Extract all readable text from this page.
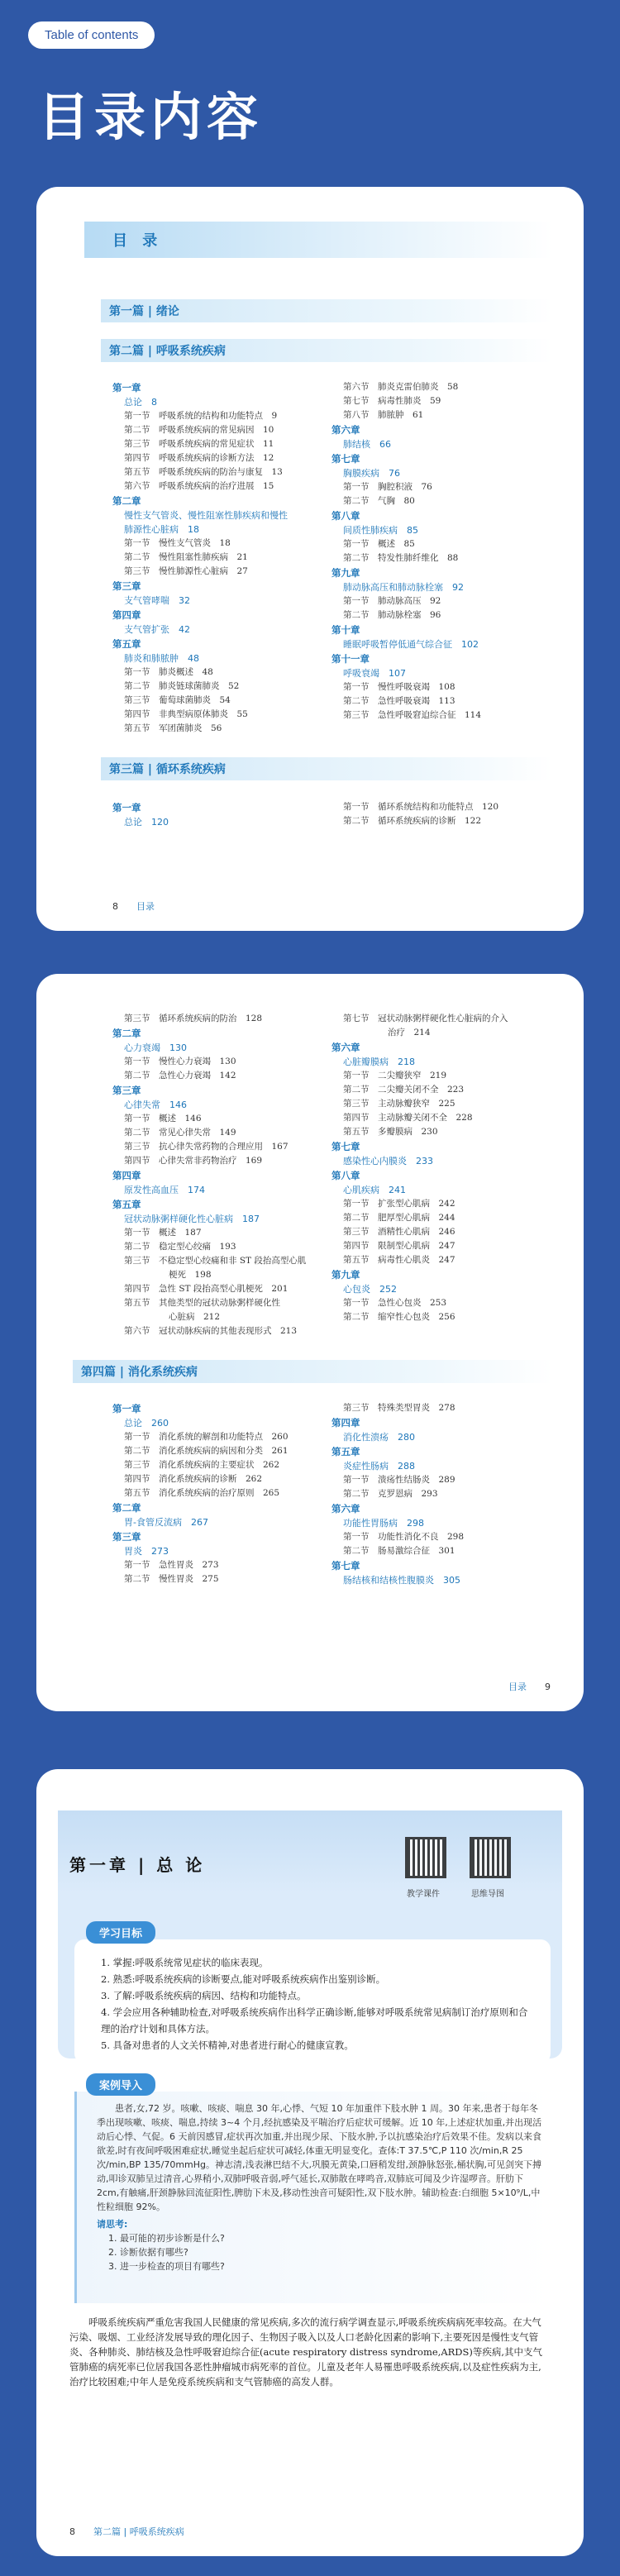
Table of contents
目录内容
目 录
第一篇 | 绪论
第二篇 | 呼吸系统疾病
第一章
总论　8
第一节　呼吸系统的结构和功能特点　9
第二节　呼吸系统疾病的常见病因　10
第三节　呼吸系统疾病的常见症状　11
第四节　呼吸系统疾病的诊断方法　12
第五节　呼吸系统疾病的防治与康复　13
第六节　呼吸系统疾病的治疗进展　15
第二章
慢性支气管炎、慢性阻塞性肺疾病和慢性
肺源性心脏病　18
第一节　慢性支气管炎　18
第二节　慢性阻塞性肺疾病　21
第三节　慢性肺源性心脏病　27
第三章
支气管哮喘　32
第四章
支气管扩张　42
第五章
肺炎和肺脓肿　48
第一节　肺炎概述　48
第二节　肺炎链球菌肺炎　52
第三节　葡萄球菌肺炎　54
第四节　非典型病原体肺炎　55
第五节　军团菌肺炎　56
第六节　肺炎克雷伯肺炎　58
第七节　病毒性肺炎　59
第八节　肺脓肿　61
第六章
肺结核　66
第七章
胸膜疾病　76
第一节　胸腔积液　76
第二节　气胸　80
第八章
间质性肺疾病　85
第一节　概述　85
第二节　特发性肺纤维化　88
第九章
肺动脉高压和肺动脉栓塞　92
第一节　肺动脉高压　92
第二节　肺动脉栓塞　96
第十章
睡眠呼吸暂停低通气综合征　102
第十一章
呼吸衰竭　107
第一节　慢性呼吸衰竭　108
第二节　急性呼吸衰竭　113
第三节　急性呼吸窘迫综合征　114
第三篇 | 循环系统疾病
第一章
总论　120
第一节　循环系统结构和功能特点　120
第二节　循环系统疾病的诊断　122
8 目录
第三节　循环系统疾病的防治　128
第二章
心力衰竭　130
第一节　慢性心力衰竭　130
第二节　急性心力衰竭　142
第三章
心律失常　146
第一节　概述　146
第二节　常见心律失常　149
第三节　抗心律失常药物的合理应用　167
第四节　心律失常非药物治疗　169
第四章
原发性高血压　174
第五章
冠状动脉粥样硬化性心脏病　187
第一节　概述　187
第二节　稳定型心绞痛　193
第三节　不稳定型心绞痛和非 ST 段抬高型心肌
梗死　198
第四节　急性 ST 段抬高型心肌梗死　201
第五节　其他类型的冠状动脉粥样硬化性
心脏病　212
第六节　冠状动脉疾病的其他表现形式　213
第七节　冠状动脉粥样硬化性心脏病的介入
治疗　214
第六章
心脏瓣膜病　218
第一节　二尖瓣狭窄　219
第二节　二尖瓣关闭不全　223
第三节　主动脉瓣狭窄　225
第四节　主动脉瓣关闭不全　228
第五节　多瓣膜病　230
第七章
感染性心内膜炎　233
第八章
心肌疾病　241
第一节　扩张型心肌病　242
第二节　肥厚型心肌病　244
第三节　酒精性心肌病　246
第四节　限制型心肌病　247
第五节　病毒性心肌炎　247
第九章
心包炎　252
第一节　急性心包炎　253
第二节　缩窄性心包炎　256
第四篇 | 消化系统疾病
第一章
总论　260
第一节　消化系统的解剖和功能特点　260
第二节　消化系统疾病的病因和分类　261
第三节　消化系统疾病的主要症状　262
第四节　消化系统疾病的诊断　262
第五节　消化系统疾病的治疗原则　265
第二章
胃-食管反流病　267
第三章
胃炎　273
第一节　急性胃炎　273
第二节　慢性胃炎　275
第三节　特殊类型胃炎　278
第四章
消化性溃疡　280
第五章
炎症性肠病　288
第一节　溃疡性结肠炎　289
第二节　克罗恩病　293
第六章
功能性胃肠病　298
第一节　功能性消化不良　298
第二节　肠易激综合征　301
第七章
肠结核和结核性腹膜炎　305
目录 9
第一章 | 总 论
教学课件	思维导图
1. 掌握:呼吸系统常见症状的临床表现。
2. 熟悉:呼吸系统疾病的诊断要点,能对呼吸系统疾病作出鉴别诊断。
3. 了解:呼吸系统疾病的病因、结构和功能特点。
4. 学会应用各种辅助检查,对呼吸系统疾病作出科学正确诊断,能够对呼吸系统常见病制订治疗原则和合理的治疗计划和具体方法。
5. 具备对患者的人文关怀精神,对患者进行耐心的健康宣教。
学习目标
患者,女,72 岁。咳嗽、咳痰、喘息 30 年,心悸、气短 10 年加重伴下肢水肿 1 周。30 年来,患者于每年冬季出现咳嗽、咳痰、喘息,持续 3~4 个月,经抗感染及平喘治疗后症状可缓解。近 10 年,上述症状加重,并出现活动后心悸、气促。6 天前因感冒,症状再次加重,并出现少尿、下肢水肿,予以抗感染治疗后效果不佳。发病以来食欲差,时有夜间呼吸困难症状,睡觉坐起后症状可减轻,体重无明显变化。查体:T 37.5℃,P 110 次/min,R 25 次/min,BP 135/70mmHg。神志清,浅表淋巴结不大,巩膜无黄染,口唇稍发绀,颈静脉怒张,桶状胸,可见剑突下搏动,叩诊双肺呈过清音,心界稍小,双肺呼吸音弱,呼气延长,双肺散在哮鸣音,双肺底可闻及少许湿啰音。肝肋下 2cm,有触痛,肝颈静脉回流征阳性,脾肋下未及,移动性浊音可疑阳性,双下肢水肿。辅助检查:白细胞 5×10⁹/L,中性粒细胞 92%。
请思考:
1. 最可能的初步诊断是什么?
2. 诊断依据有哪些?
3. 进一步检查的项目有哪些?
案例导入
呼吸系统疾病严重危害我国人民健康的常见疾病,多次的流行病学调查显示,呼吸系统疾病病死率较高。在大气污染、吸烟、工业经济发展导致的理化因子、生物因子吸入以及人口老龄化因素的影响下,主要死因是慢性支气管炎、各种肺炎、肺结核及急性呼吸窘迫综合征(acute respiratory distress syndrome,ARDS)等疾病,其中支气管肺癌的病死率已位居我国各恶性肿瘤城市病死率的首位。儿童及老年人易罹患呼吸系统疾病,以及症性疾病为主,治疗比较困难;中年人是免疫系统疾病和支气管肺癌的高发人群。
8 第二篇 | 呼吸系统疾病
